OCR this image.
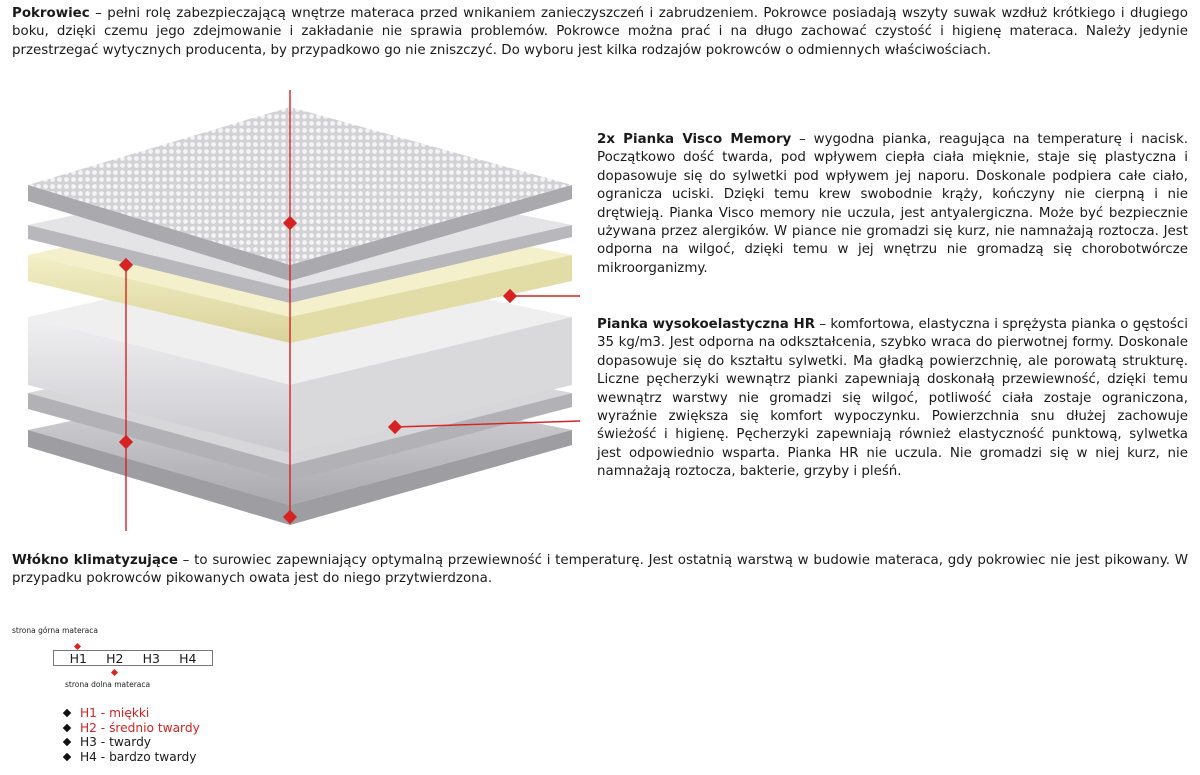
Pokrowiec – pełni rolę zabezpieczającą wnętrze materaca przed wnikaniem zanieczyszczeń i zabrudzeniem. Pokrowce posiadają wszyty suwak wzdłuż krótkiego i długiego boku, dzięki czemu jego zdejmowanie i zakładanie nie sprawia problemów. Pokrowce można prać i na długo zachować czystość i higienę materaca. Należy jedynie przestrzegać wytycznych producenta, by przypadkowo go nie zniszczyć. Do wyboru jest kilka rodzajów pokrowców o odmiennych właściwościach.

2x Pianka Visco Memory – wygodna pianka, reagująca na temperaturę i nacisk. Początkowo dość twarda, pod wpływem ciepła ciała mięknie, staje się plastyczna i dopasowuje się do sylwetki pod wpływem jej naporu. Doskonale podpiera całe ciało, ogranicza uciski. Dzięki temu krew swobodnie krąży, kończyny nie cierpną i nie drętwieją. Pianka Visco memory nie uczula, jest antyalergiczna. Może być bezpiecznie używana przez alergików. W piance nie gromadzi się kurz, nie namnażają roztocza. Jest odporna na wilgoć, dzięki temu w jej wnętrzu nie gromadzą się chorobotwórcze mikroorganizmy.

Pianka wysokoelastyczna HR – komfortowa, elastyczna i sprężysta pianka o gęstości 35 kg/m3. Jest odporna na odkształcenia, szybko wraca do pierwotnej formy. Doskonale dopasowuje się do kształtu sylwetki. Ma gładką powierzchnię, ale porowatą strukturę. Liczne pęcherzyki wewnątrz pianki zapewniają doskonałą przewiewność, dzięki temu wewnątrz warstwy nie gromadzi się wilgoć, potliwość ciała zostaje ograniczona, wyraźnie zwiększa się komfort wypoczynku. Powierzchnia snu dłużej zachowuje świeżość i higienę. Pęcherzyki zapewniają również elastyczność punktową, sylwetka jest odpowiednio wsparta. Pianka HR nie uczula. Nie gromadzi się w niej kurz, nie namnażają roztocza, bakterie, grzyby i pleśń.

Włókno klimatyzujące – to surowiec zapewniający optymalną przewiewność i temperaturę. Jest ostatnią warstwą w budowie materaca, gdy pokrowiec nie jest pikowany. W przypadku pokrowców pikowanych owata jest do niego przytwierdzona.

strona górna materaca
H1 H2 H3 H4
strona dolna materaca
H1 - miękki
H2 - średnio twardy
H3 - twardy
H4 - bardzo twardy
